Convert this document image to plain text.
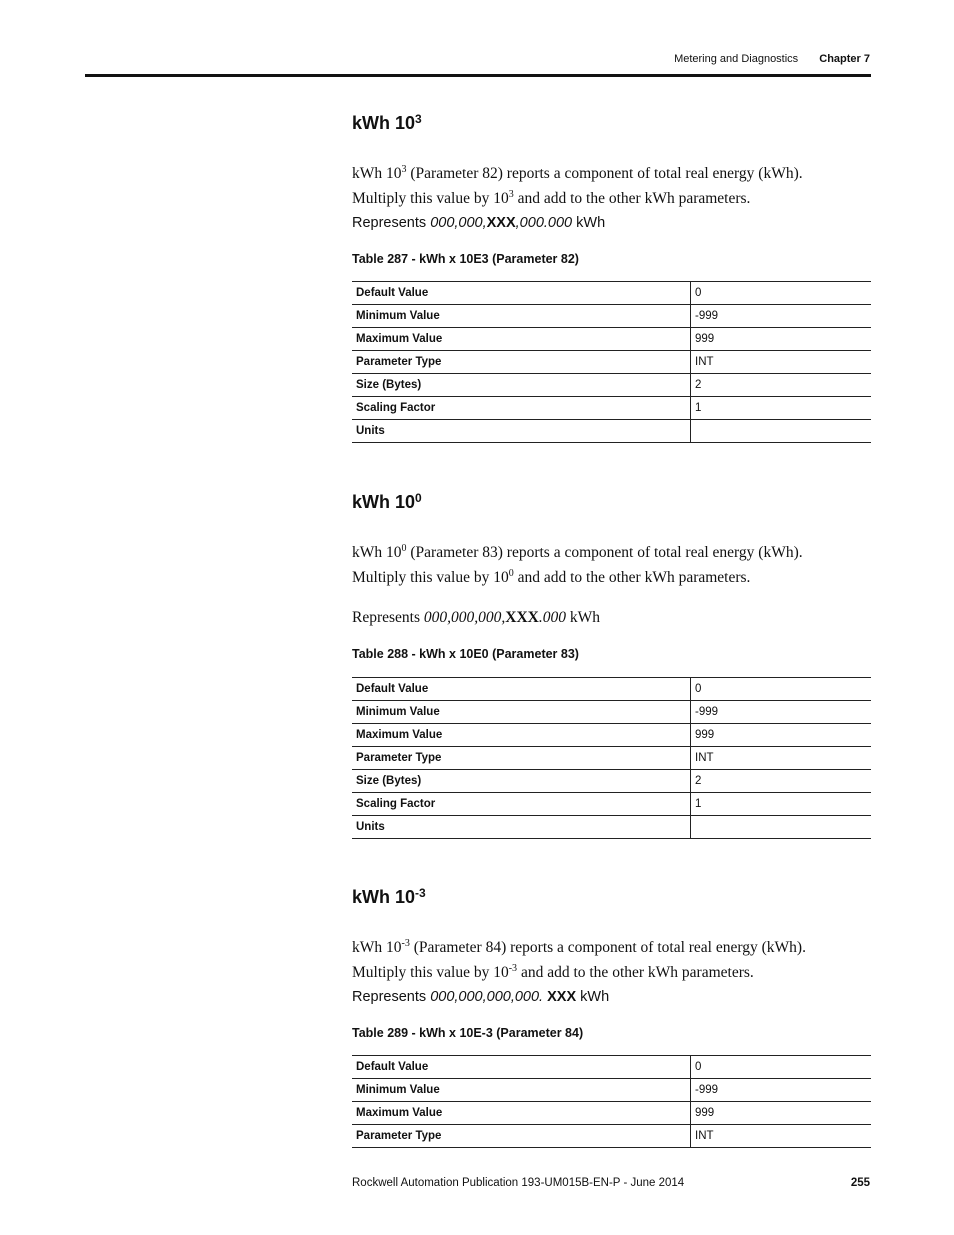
Metering and Diagnostics Chapter 7
kWh $10^3$

kWh $10^3$ (Parameter 82) reports a component of total real energy (kWh).

Multiply this value by $10^3$ and add to the other kWh parameters.

Represents 000,000,XXX,000.000 kWh

Table 287 - kWh x 10E3 (Parameter 82)

Default Value	0
Minimum Value	-999
Maximum Value	999
Parameter Type	INT
Size (Bytes)	2
Scaling Factor	1
Units	
kWh $10^0$

kWh $10^0$ (Parameter 83) reports a component of total real energy (kWh).

Multiply this value by $10^0$ and add to the other kWh parameters.

Represents 000,000,000,XXX.000 kWh

Table 288 - kWh x 10E0 (Parameter 83)

Default Value	0
Minimum Value	-999
Maximum Value	999
Parameter Type	INT
Size (Bytes)	2
Scaling Factor	1
Units	
kWh $10^{-3}$

kWh $10^{-3}$ (Parameter 84) reports a component of total real energy (kWh).

Multiply this value by $10^{-3}$ and add to the other kWh parameters.

Represents 000,000,000,000. XXX kWh

Table 289 - kWh x 10E-3 (Parameter 84)

Default Value	0
Minimum Value	-999
Maximum Value	999
Parameter Type	INT
Rockwell Automation Publication 193-UM015B-EN-P - June 2014	255
